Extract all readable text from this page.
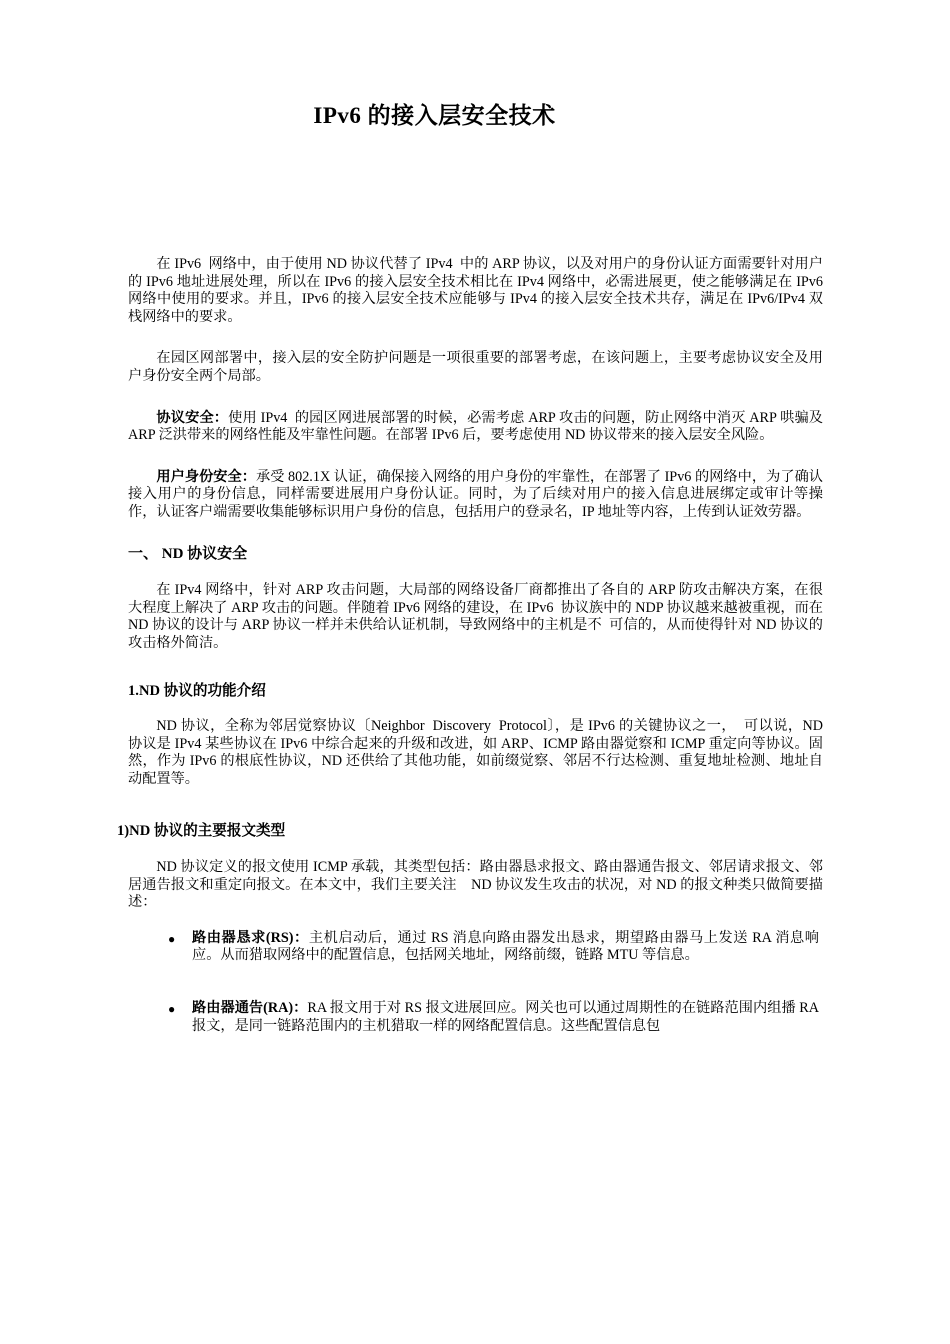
IPv6 的接入层安全技术

在 IPv6  网络中，由于使用 ND 协议代替了 IPv4  中的 ARP 协议，以及对用户的身份认证方面需要针对用户的 IPv6 地址进展处理，所以在 IPv6 的接入层安全技术相比在 IPv4 网络中，必需进展更，使之能够满足在 IPv6 网络中使用的要求。并且，IPv6 的接入层安全技术应能够与 IPv4 的接入层安全技术共存，满足在 IPv6/IPv4 双栈网络中的要求。

在园区网部署中，接入层的安全防护问题是一项很重要的部署考虑，在该问题上，主要考虑协议安全及用户身份安全两个局部。

协议安全：使用 IPv4  的园区网进展部署的时候，必需考虑 ARP 攻击的问题，防止网络中消灭 ARP 哄骗及 ARP 泛洪带来的网络性能及牢靠性问题。在部署 IPv6 后，要考虑使用 ND 协议带来的接入层安全风险。

用户身份安全：承受 802.1X 认证，确保接入网络的用户身份的牢靠性，在部署了 IPv6 的网络中，为了确认接入用户的身份信息，同样需要进展用户身份认证。同时，为了后续对用户的接入信息进展绑定或审计等操作，认证客户端需要收集能够标识用户身份的信息，包括用户的登录名，IP 地址等内容，上传到认证效劳器。

一、 ND 协议安全

在 IPv4 网络中，针对 ARP 攻击问题，大局部的网络设备厂商都推出了各自的 ARP 防攻击解决方案，在很大程度上解决了 ARP 攻击的问题。伴随着 IPv6 网络的建设，在 IPv6  协议族中的 NDP 协议越来越被重视，而在 ND 协议的设计与 ARP 协议一样并未供给认证机制，导致网络中的主机是不  可信的，从而使得针对 ND 协议的攻击格外简洁。

1.ND 协议的功能介绍

ND 协议，全称为邻居觉察协议〔Neighbor  Discovery  Protocol〕，是 IPv6 的关键协议之一，  可以说，ND 协议是 IPv4 某些协议在 IPv6 中综合起来的升级和改进，如 ARP、ICMP 路由器觉察和 ICMP 重定向等协议。固然，作为 IPv6 的根底性协议，ND 还供给了其他功能，如前缀觉察、邻居不行达检测、重复地址检测、地址自动配置等。

1)ND 协议的主要报文类型

ND 协议定义的报文使用 ICMP 承载，其类型包括：路由器恳求报文、路由器通告报文、邻居请求报文、邻居通告报文和重定向报文。在本文中，我们主要关注    ND 协议发生攻击的状况，对 ND 的报文种类只做简要描述：

● 路由器恳求(RS)：主机启动后，通过 RS 消息向路由器发出恳求，期望路由器马上发送 RA 消息响应。从而猎取网络中的配置信息，包括网关地址，网络前缀，链路 MTU 等信息。
● 路由器通告(RA)：RA 报文用于对 RS 报文进展回应。网关也可以通过周期性的在链路范围内组播 RA 报文，是同一链路范围内的主机猎取一样的网络配置信息。这些配置信息包
